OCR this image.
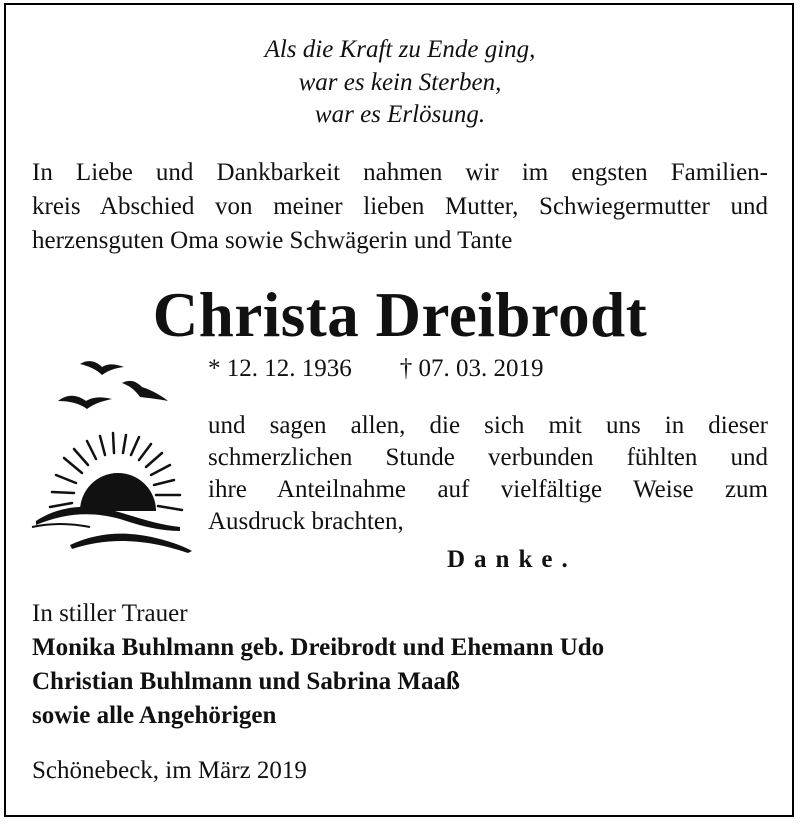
Als die Kraft zu Ende ging,
war es kein Sterben,
war es Erlösung.
In Liebe und Dankbarkeit nahmen wir im engsten Familien-
kreis Abschied von meiner lieben Mutter, Schwiegermutter und
herzensguten Oma sowie Schwägerin und Tante
Christa Dreibrodt
* 12. 12. 1936 † 07. 03. 2019
und sagen allen, die sich mit uns in dieser
schmerzlichen Stunde verbunden fühlten und
ihre Anteilnahme auf vielfältige Weise zum
Ausdruck brachten,
Danke.
In stiller Trauer
Monika Buhlmann geb. Dreibrodt und Ehemann Udo
Christian Buhlmann und Sabrina Maaß
sowie alle Angehörigen
Schönebeck, im März 2019
